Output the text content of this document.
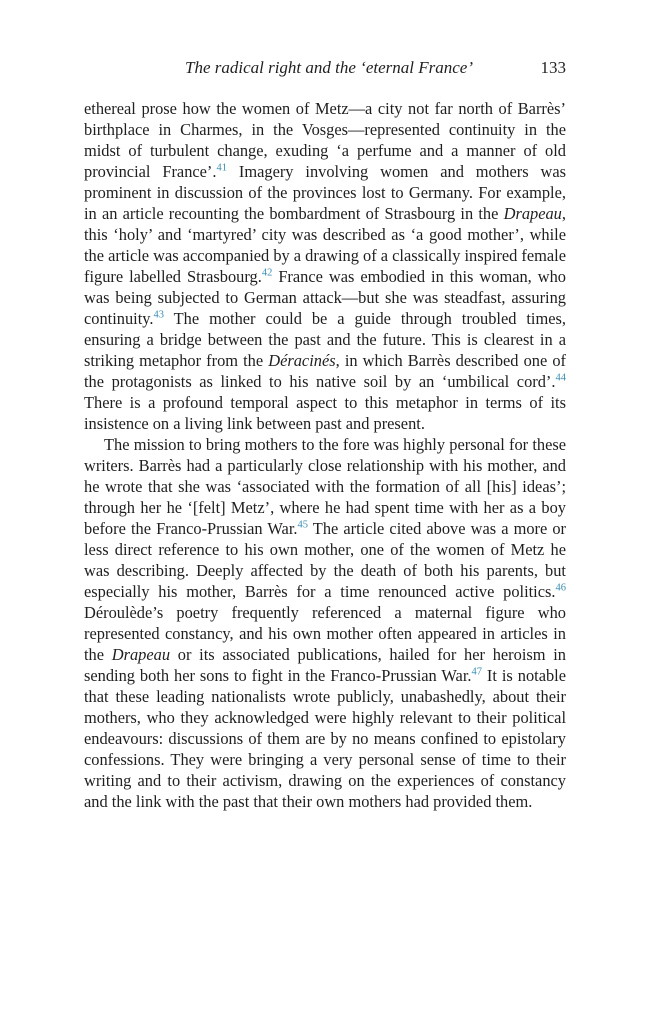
The radical right and the ‘eternal France’	133

ethereal prose how the women of Metz—a city not far north of Barrès’ birthplace in Charmes, in the Vosges—represented continuity in the midst of turbulent change, exuding ‘a perfume and a manner of old provincial France’.$^{41}$ Imagery involving women and mothers was prominent in discussion of the provinces lost to Germany. For example, in an article recounting the bombardment of Strasbourg in the Drapeau, this ‘holy’ and ‘martyred’ city was described as ‘a good mother’, while the article was accompanied by a drawing of a classically inspired female figure labelled Strasbourg.$^{42}$ France was embodied in this woman, who was being subjected to German attack—but she was steadfast, assuring continuity.$^{43}$ The mother could be a guide through troubled times, ensuring a bridge between the past and the future. This is clearest in a striking metaphor from the Déracinés, in which Barrès described one of the protagonists as linked to his native soil by an ‘umbilical cord’.$^{44}$ There is a profound temporal aspect to this metaphor in terms of its insistence on a living link between past and present.

The mission to bring mothers to the fore was highly personal for these writers. Barrès had a particularly close relationship with his mother, and he wrote that she was ‘associated with the formation of all [his] ideas’; through her he ‘[felt] Metz’, where he had spent time with her as a boy before the Franco-Prussian War.$^{45}$ The article cited above was a more or less direct reference to his own mother, one of the women of Metz he was describing. Deeply affected by the death of both his parents, but especially his mother, Barrès for a time renounced active politics.$^{46}$ Déroulède’s poetry frequently referenced a maternal figure who represented constancy, and his own mother often appeared in articles in the Drapeau or its associated publications, hailed for her heroism in sending both her sons to fight in the Franco-Prussian War.$^{47}$ It is notable that these leading nationalists wrote publicly, unabashedly, about their mothers, who they acknowledged were highly relevant to their political endeavours: discussions of them are by no means confined to epistolary confessions. They were bringing a very personal sense of time to their writing and to their activism, drawing on the experiences of constancy and the link with the past that their own mothers had provided them.
